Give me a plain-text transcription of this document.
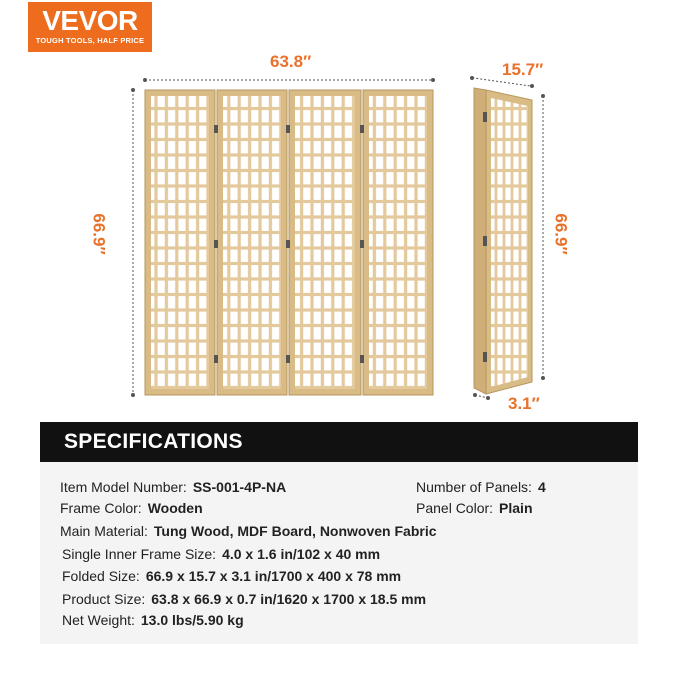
VEVOR
TOUGH TOOLS, HALF PRICE
63.8″
66.9″
15.7″
66.9″
3.1″
SPECIFICATIONS
Item Model Number: SS-001-4P-NA	Number of Panels: 4
Frame Color: Wooden	Panel Color: Plain
Main Material: Tung Wood, MDF Board, Nonwoven Fabric
Single Inner Frame Size: 4.0 x 1.6 in/102 x 40 mm
Folded Size: 66.9 x 15.7 x 3.1 in/1700 x 400 x 78 mm
Product Size: 63.8 x 66.9 x 0.7 in/1620 x 1700 x 18.5 mm
Net Weight: 13.0 lbs/5.90 kg
